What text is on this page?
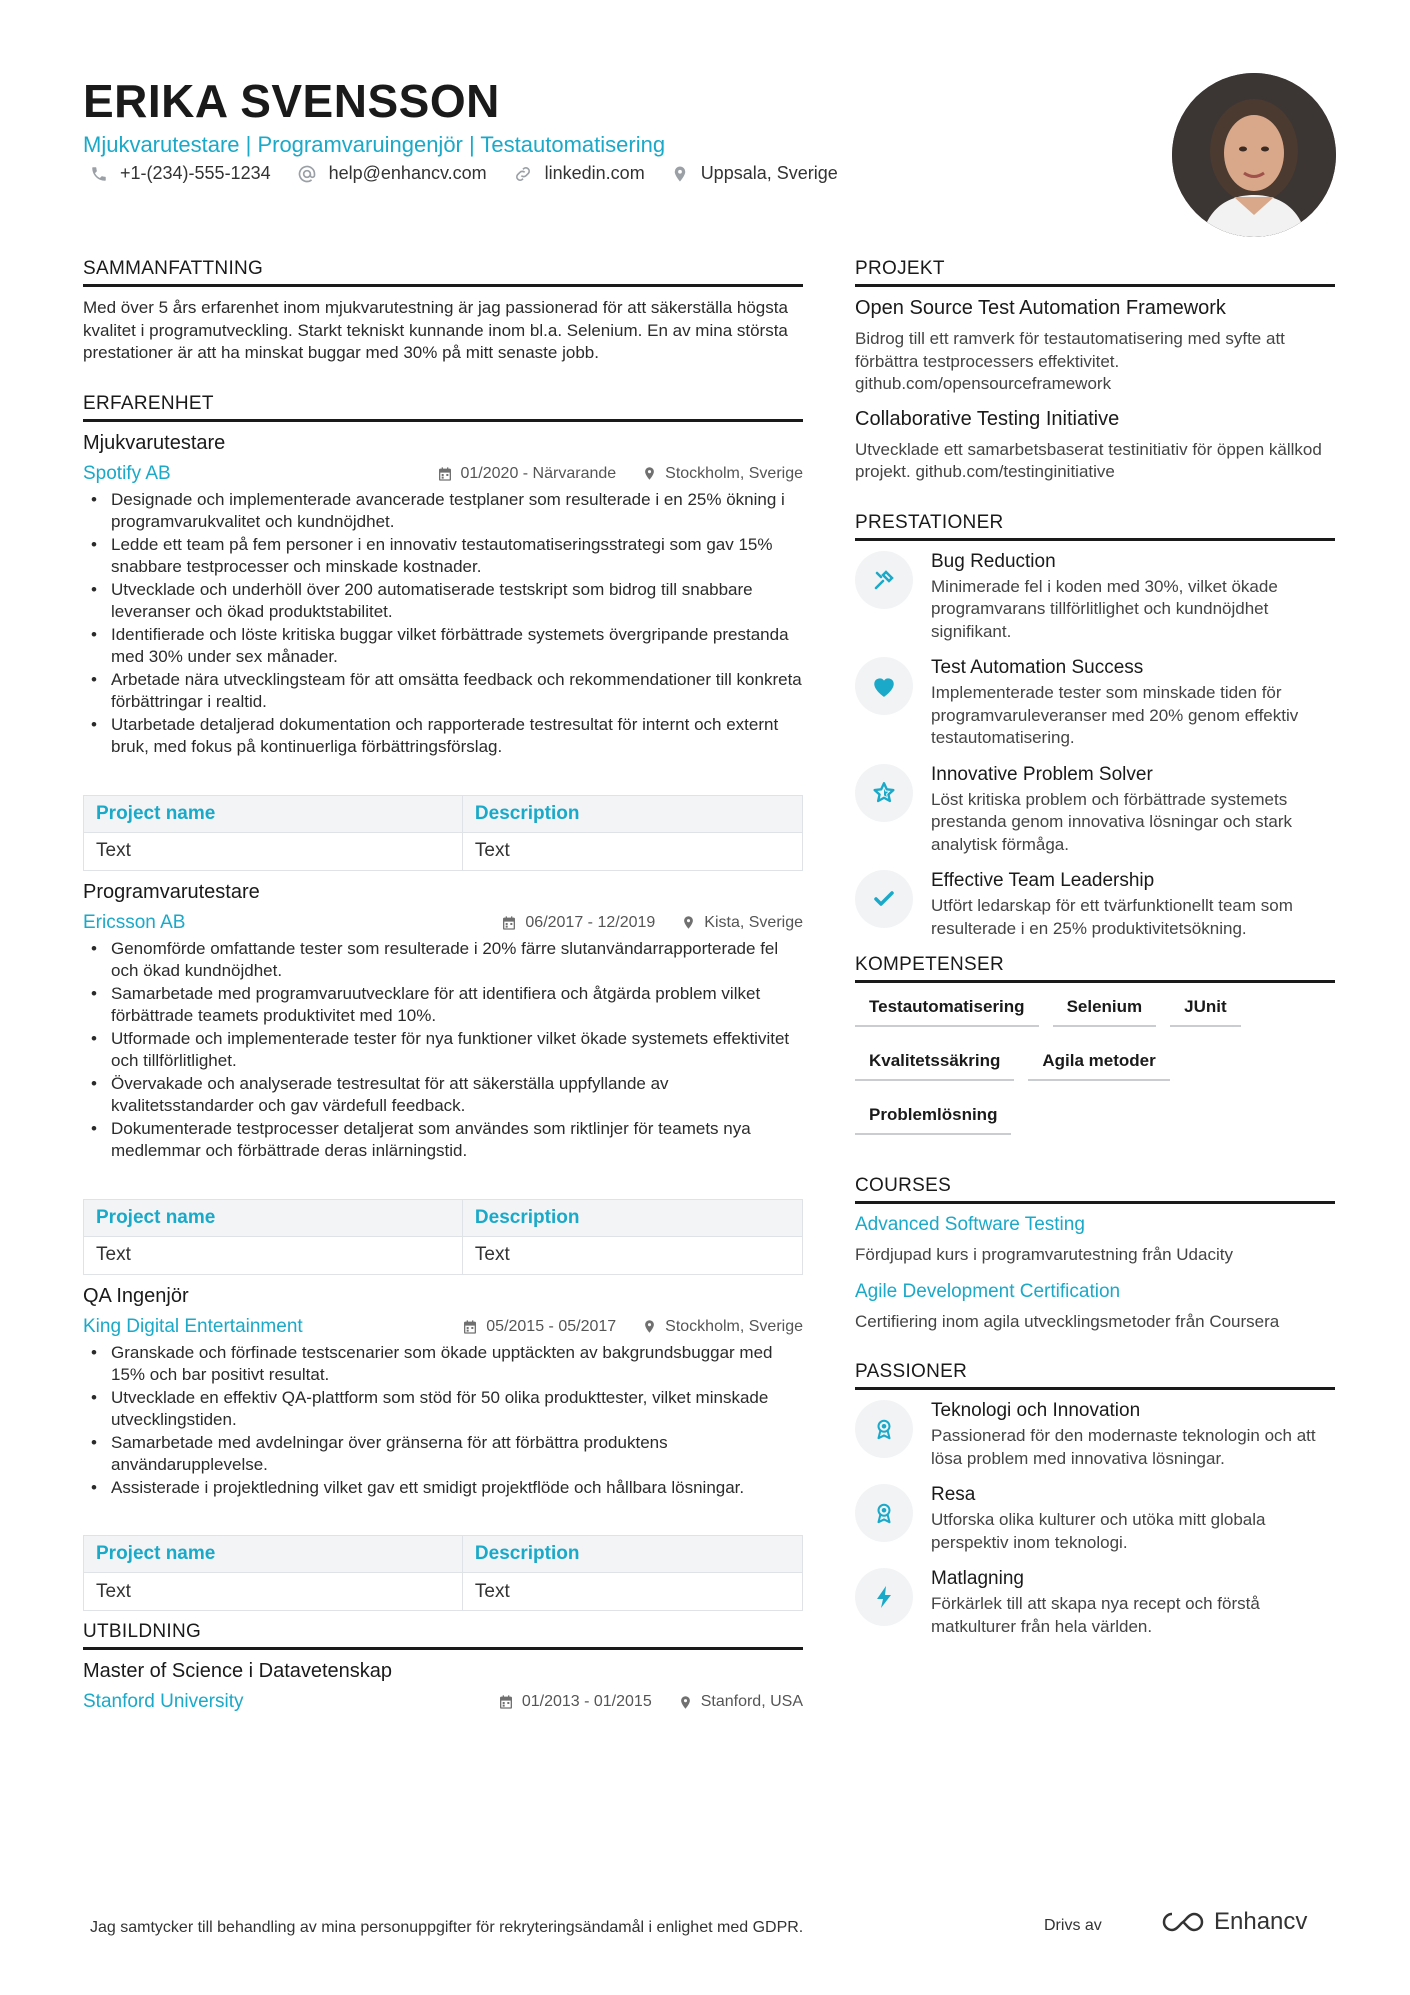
ERIKA SVENSSON
Mjukvarutestare | Programvaruingenjör | Testautomatisering
+1-(234)-555-1234	help@enhancv.com	linkedin.com	Uppsala, Sverige
SAMMANFATTNING
Med över 5 års erfarenhet inom mjukvarutestning är jag passionerad för att säkerställa högsta kvalitet i programutveckling. Starkt tekniskt kunnande inom bl.a. Selenium. En av mina största prestationer är att ha minskat buggar med 30% på mitt senaste jobb.
ERFARENHET
Mjukvarutestare
Spotify AB	01/2020 - Närvarande	Stockholm, Sverige
• Designade och implementerade avancerade testplaner som resulterade i en 25% ökning i programvarukvalitet och kundnöjdhet.
• Ledde ett team på fem personer i en innovativ testautomatiseringsstrategi som gav 15% snabbare testprocesser och minskade kostnader.
• Utvecklade och underhöll över 200 automatiserade testskript som bidrog till snabbare leveranser och ökad produktstabilitet.
• Identifierade och löste kritiska buggar vilket förbättrade systemets övergripande prestanda med 30% under sex månader.
• Arbetade nära utvecklingsteam för att omsätta feedback och rekommendationer till konkreta förbättringar i realtid.
• Utarbetade detaljerad dokumentation och rapporterade testresultat för internt och externt bruk, med fokus på kontinuerliga förbättringsförslag.
Project name	Description
Text	Text
Programvarutestare
Ericsson AB	06/2017 - 12/2019	Kista, Sverige
• Genomförde omfattande tester som resulterade i 20% färre slutanvändarrapporterade fel och ökad kundnöjdhet.
• Samarbetade med programvaruutvecklare för att identifiera och åtgärda problem vilket förbättrade teamets produktivitet med 10%.
• Utformade och implementerade tester för nya funktioner vilket ökade systemets effektivitet och tillförlitlighet.
• Övervakade och analyserade testresultat för att säkerställa uppfyllande av kvalitetsstandarder och gav värdefull feedback.
• Dokumenterade testprocesser detaljerat som användes som riktlinjer för teamets nya medlemmar och förbättrade deras inlärningstid.
Project name	Description
Text	Text
QA Ingenjör
King Digital Entertainment	05/2015 - 05/2017	Stockholm, Sverige
• Granskade och förfinade testscenarier som ökade upptäckten av bakgrundsbuggar med 15% och bar positivt resultat.
• Utvecklade en effektiv QA-plattform som stöd för 50 olika produkttester, vilket minskade utvecklingstiden.
• Samarbetade med avdelningar över gränserna för att förbättra produktens användarupplevelse.
• Assisterade i projektledning vilket gav ett smidigt projektflöde och hållbara lösningar.
Project name	Description
Text	Text
UTBILDNING
Master of Science i Datavetenskap
Stanford University	01/2013 - 01/2015	Stanford, USA
PROJEKT
Open Source Test Automation Framework
Bidrog till ett ramverk för testautomatisering med syfte att förbättra testprocessers effektivitet. github.com/opensourceframework
Collaborative Testing Initiative
Utvecklade ett samarbetsbaserat testinitiativ för öppen källkod projekt. github.com/testinginitiative
PRESTATIONER
Bug Reduction
Minimerade fel i koden med 30%, vilket ökade programvarans tillförlitlighet och kundnöjdhet signifikant.
Test Automation Success
Implementerade tester som minskade tiden för programvaruleveranser med 20% genom effektiv testautomatisering.
Innovative Problem Solver
Löst kritiska problem och förbättrade systemets prestanda genom innovativa lösningar och stark analytisk förmåga.
Effective Team Leadership
Utfört ledarskap för ett tvärfunktionellt team som resulterade i en 25% produktivitetsökning.
KOMPETENSER
Testautomatisering	Selenium	JUnit
Kvalitetssäkring	Agila metoder
Problemlösning
COURSES
Advanced Software Testing
Fördjupad kurs i programvarutestning från Udacity
Agile Development Certification
Certifiering inom agila utvecklingsmetoder från Coursera
PASSIONER
Teknologi och Innovation
Passionerad för den modernaste teknologin och att lösa problem med innovativa lösningar.
Resa
Utforska olika kulturer och utöka mitt globala perspektiv inom teknologi.
Matlagning
Förkärlek till att skapa nya recept och förstå matkulturer från hela världen.
Jag samtycker till behandling av mina personuppgifter för rekryteringsändamål i enlighet med GDPR.	Drivs av	Enhancv
